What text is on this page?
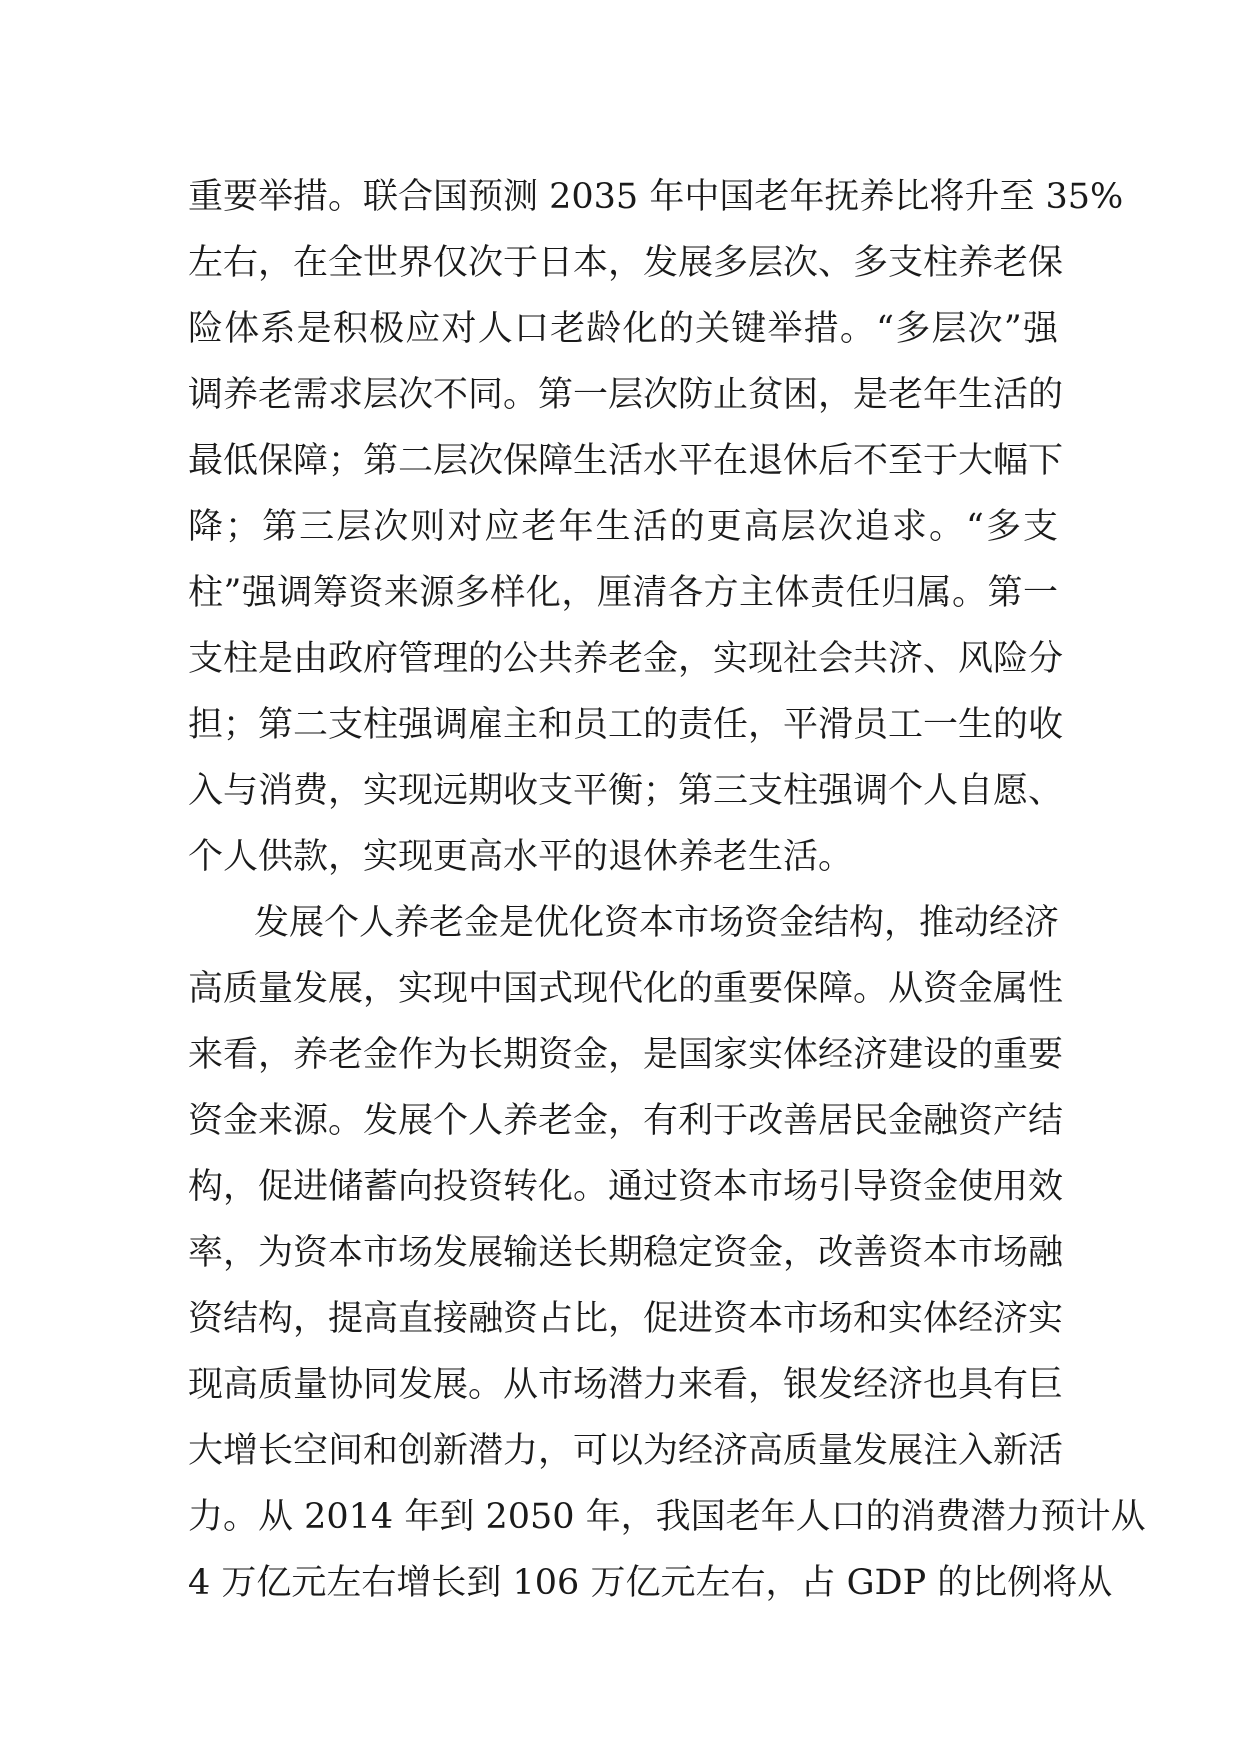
重要举措。联合国预测 2035 年中国老年抚养比将升至 35%
左右，在全世界仅次于日本，发展多层次、多支柱养老保
险体系是积极应对人口老龄化的关键举措。“多层次”强
调养老需求层次不同。第一层次防止贫困，是老年生活的
最低保障；第二层次保障生活水平在退休后不至于大幅下
降；第三层次则对应老年生活的更高层次追求。“多支
柱”强调筹资来源多样化，厘清各方主体责任归属。第一
支柱是由政府管理的公共养老金，实现社会共济、风险分
担；第二支柱强调雇主和员工的责任，平滑员工一生的收
入与消费，实现远期收支平衡；第三支柱强调个人自愿、
个人供款，实现更高水平的退休养老生活。
发展个人养老金是优化资本市场资金结构，推动经济
高质量发展，实现中国式现代化的重要保障。从资金属性
来看，养老金作为长期资金，是国家实体经济建设的重要
资金来源。发展个人养老金，有利于改善居民金融资产结
构，促进储蓄向投资转化。通过资本市场引导资金使用效
率，为资本市场发展输送长期稳定资金，改善资本市场融
资结构，提高直接融资占比，促进资本市场和实体经济实
现高质量协同发展。从市场潜力来看，银发经济也具有巨
大增长空间和创新潜力，可以为经济高质量发展注入新活
力。从 2014 年到 2050 年，我国老年人口的消费潜力预计从
4 万亿元左右增长到 106 万亿元左右，占 GDP 的比例将从
